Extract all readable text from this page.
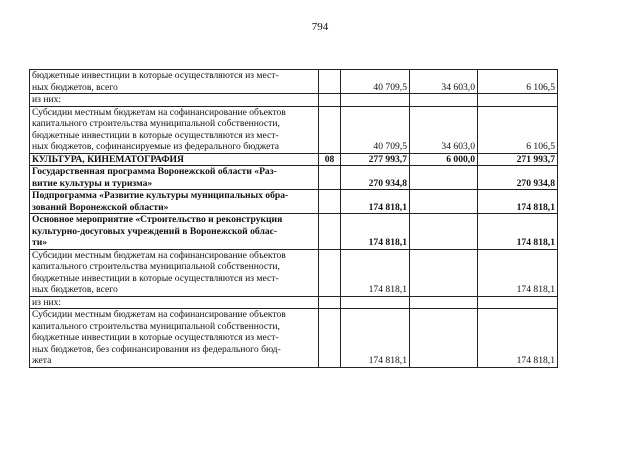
794
бюджетные инвестиции в которые осуществляются из мест-
ных бюджетов, всего		40 709,5	34 603,0	6 106,5
из них:				
Субсидии местным бюджетам на софинансирование объектов
капитального строительства муниципальной собственности,
бюджетные инвестиции в которые осуществляются из мест-
ных бюджетов, софинансируемые из федерального бюджета		40 709,5	34 603,0	6 106,5
КУЛЬТУРА, КИНЕМАТОГРАФИЯ	08	277 993,7	6 000,0	271 993,7
Государственная программа Воронежской области «Раз-
витие культуры и туризма»		270 934,8		270 934,8
Подпрограмма «Развитие культуры муниципальных обра-
зований Воронежской области»		174 818,1		174 818,1
Основное мероприятие «Строительство и реконструкция
культурно-досуговых учреждений в Воронежской облас-
ти»		174 818,1		174 818,1
Субсидии местным бюджетам на софинансирование объектов
капитального строительства муниципальной собственности,
бюджетные инвестиции в которые осуществляются из мест-
ных бюджетов, всего		174 818,1		174 818,1
из них:				
Субсидии местным бюджетам на софинансирование объектов
капитального строительства муниципальной собственности,
бюджетные инвестиции в которые осуществляются из мест-
ных бюджетов, без софинансирования из федерального бюд-
жета		174 818,1		174 818,1
